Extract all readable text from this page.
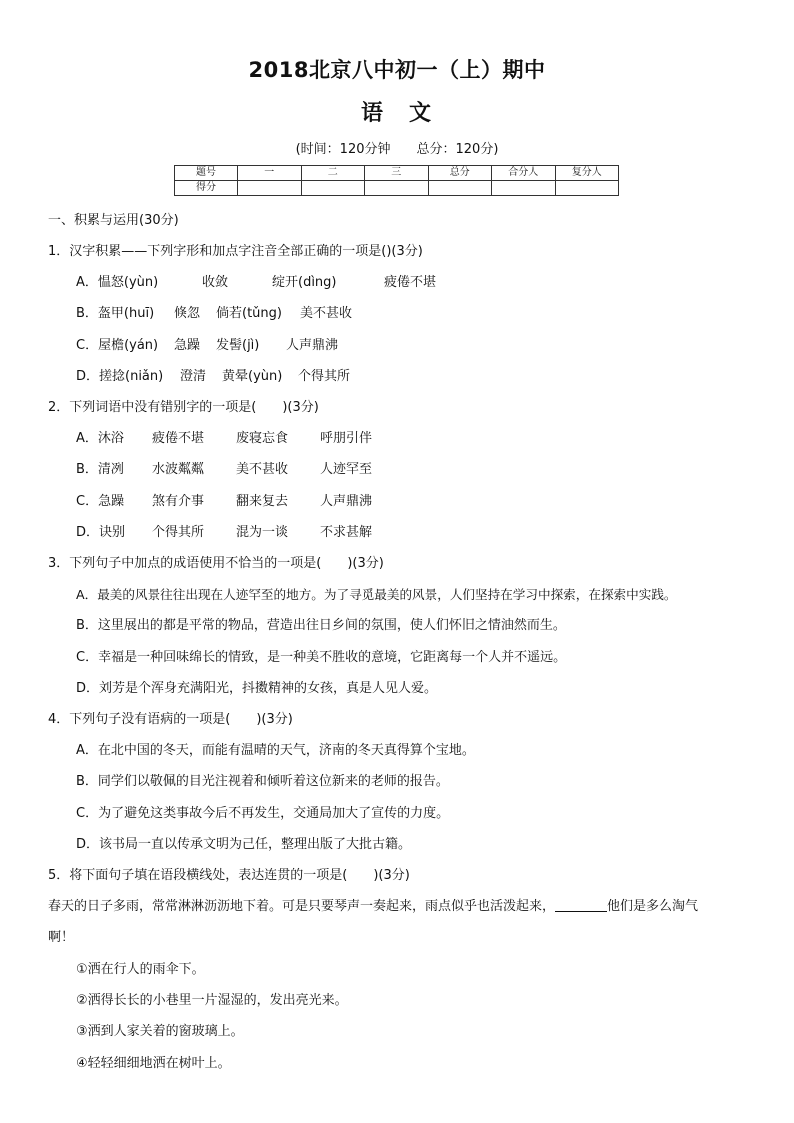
2018北京八中初一（上）期中
语　文
(时间：120分钟 总分：120分)
题号	一	二	三	总分	合分人	复分人
得分						
一、积累与运用(30分)
1．汉字积累——下列字形和加点字注音全部正确的一项是()(3分)
A．愠怒(yùn)	收敛	绽开(dìng)	疲倦不堪
B．盔甲(huī) 倏忽 倘若(tǔng) 美不甚收
C．屋檐(yán) 急躁 发髻(jì) 人声鼎沸
D．搓捻(niǎn) 澄清 黄晕(yùn) 个得其所
2．下列词语中没有错别字的一项是(　　)(3分)
A．沐浴 疲倦不堪 废寝忘食 呼朋引伴
B．清冽 水波粼粼 美不甚收 人迹罕至
C．急躁 煞有介事 翻来复去 人声鼎沸
D．诀别 个得其所 混为一谈 不求甚解
3．下列句子中加点的成语使用不恰当的一项是(　　)(3分)
A．最美的风景往往出现在人迹罕至的地方。为了寻觅最美的风景，人们坚持在学习中探索，在探索中实践。
B．这里展出的都是平常的物品，营造出往日乡间的氛围，使人们怀旧之情油然而生。
C．幸福是一种回味绵长的情致，是一种美不胜收的意境，它距离每一个人并不遥远。
D．刘芳是个浑身充满阳光，抖擞精神的女孩，真是人见人爱。
4．下列句子没有语病的一项是(　　)(3分)
A．在北中国的冬天，而能有温晴的天气，济南的冬天真得算个宝地。
B．同学们以敬佩的目光注视着和倾听着这位新来的老师的报告。
C．为了避免这类事故今后不再发生，交通局加大了宣传的力度。
D．该书局一直以传承文明为己任，整理出版了大批古籍。
5．将下面句子填在语段横线处，表达连贯的一项是(　　)(3分)
春天的日子多雨，常常淋淋沥沥地下着。可是只要琴声一奏起来，雨点似乎也活泼起来，	他们是多么淘气
啊！
①洒在行人的雨伞下。
②洒得长长的小巷里一片湿湿的，发出亮光来。
③洒到人家关着的窗玻璃上。
④轻轻细细地洒在树叶上。
